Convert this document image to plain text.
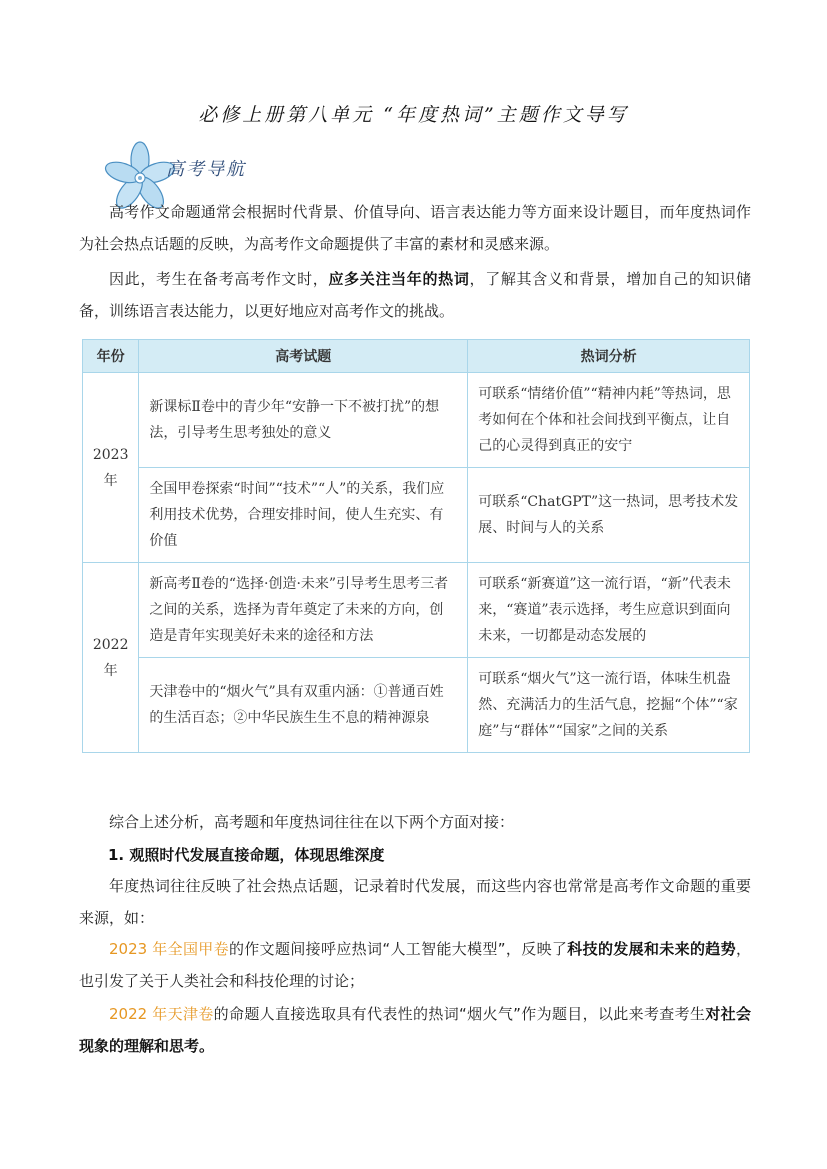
必修上册第八单元 “年度热词”主题作文导写
高考导航
高考作文命题通常会根据时代背景、价值导向、语言表达能力等方面来设计题目，而年度热词作为社会热点话题的反映，为高考作文命题提供了丰富的素材和灵感来源。
因此，考生在备考高考作文时，应多关注当年的热词，了解其含义和背景，增加自己的知识储备，训练语言表达能力，以更好地应对高考作文的挑战。
年份	高考试题	热词分析
2023 年	新课标Ⅱ卷中的青少年“安静一下不被打扰”的想法，引导考生思考独处的意义	可联系“情绪价值”“精神内耗”等热词，思考如何在个体和社会间找到平衡点，让自己的心灵得到真正的安宁
	全国甲卷探索“时间”“技术”“人”的关系，我们应利用技术优势，合理安排时间，使人生充实、有价值	可联系“ChatGPT”这一热词，思考技术发展、时间与人的关系
2022 年	新高考Ⅱ卷的“选择·创造·未来”引导考生思考三者之间的关系，选择为青年奠定了未来的方向，创造是青年实现美好未来的途径和方法	可联系“新赛道”这一流行语，“新”代表未来，“赛道”表示选择，考生应意识到面向未来，一切都是动态发展的
	天津卷中的“烟火气”具有双重内涵：①普通百姓的生活百态；②中华民族生生不息的精神源泉	可联系“烟火气”这一流行语，体味生机盎然、充满活力的生活气息，挖掘“个体”“家庭”与“群体”“国家”之间的关系
综合上述分析，高考题和年度热词往往在以下两个方面对接：
1. 观照时代发展直接命题，体现思维深度
年度热词往往反映了社会热点话题，记录着时代发展，而这些内容也常常是高考作文命题的重要来源，如：
2023 年全国甲卷的作文题间接呼应热词“人工智能大模型”，反映了科技的发展和未来的趋势，也引发了关于人类社会和科技伦理的讨论；
2022 年天津卷的命题人直接选取具有代表性的热词“烟火气”作为题目，以此来考查考生对社会现象的理解和思考。
